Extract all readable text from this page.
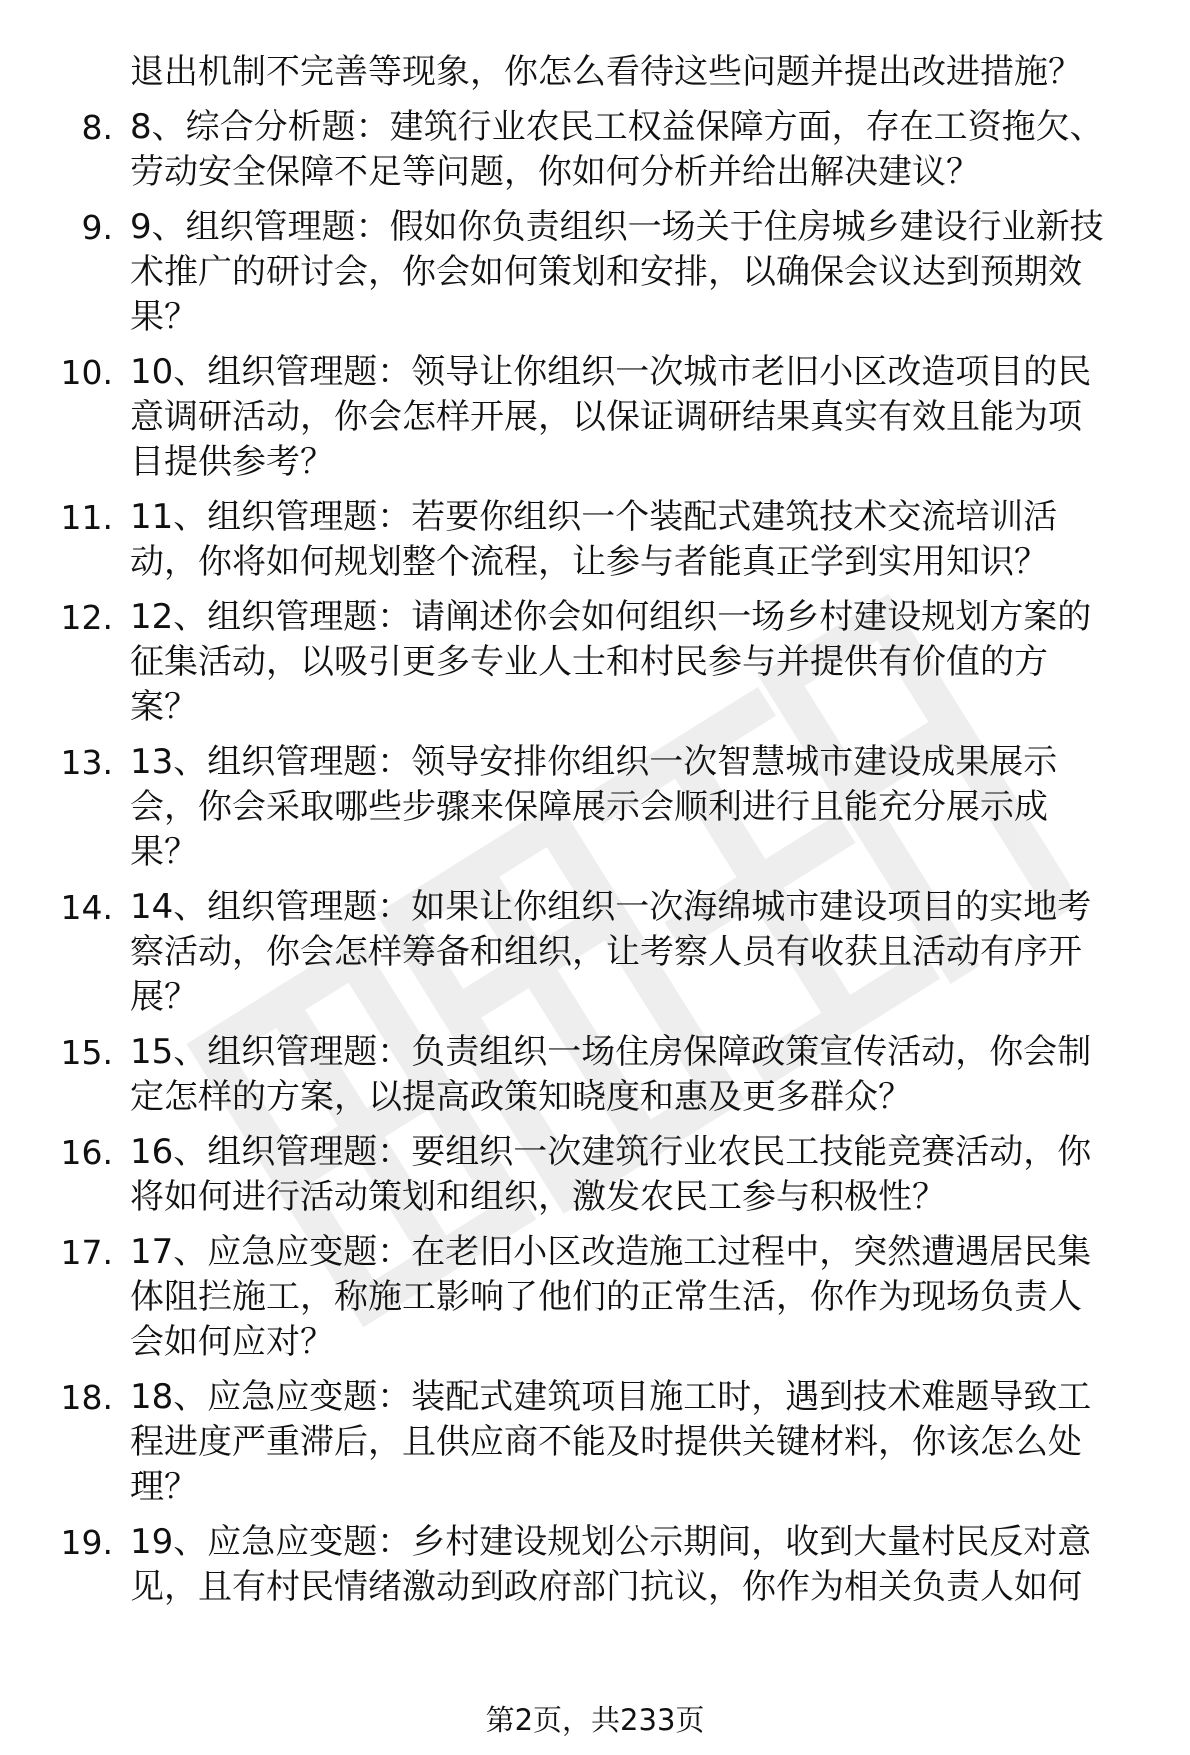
退出机制不完善等现象，你怎么看待这些问题并提出改进措施？
8. 8、综合分析题：建筑行业农民工权益保障方面，存在工资拖欠、
劳动安全保障不足等问题，你如何分析并给出解决建议？
9. 9、组织管理题：假如你负责组织一场关于住房城乡建设行业新技
术推广的研讨会，你会如何策划和安排，以确保会议达到预期效
果？
10. 10、组织管理题：领导让你组织一次城市老旧小区改造项目的民
意调研活动，你会怎样开展，以保证调研结果真实有效且能为项
目提供参考？
11. 11、组织管理题：若要你组织一个装配式建筑技术交流培训活
动，你将如何规划整个流程，让参与者能真正学到实用知识？
12. 12、组织管理题：请阐述你会如何组织一场乡村建设规划方案的
征集活动，以吸引更多专业人士和村民参与并提供有价值的方
案？
13. 13、组织管理题：领导安排你组织一次智慧城市建设成果展示
会，你会采取哪些步骤来保障展示会顺利进行且能充分展示成
果？
14. 14、组织管理题：如果让你组织一次海绵城市建设项目的实地考
察活动，你会怎样筹备和组织，让考察人员有收获且活动有序开
展？
15. 15、组织管理题：负责组织一场住房保障政策宣传活动，你会制
定怎样的方案，以提高政策知晓度和惠及更多群众？
16. 16、组织管理题：要组织一次建筑行业农民工技能竞赛活动，你
将如何进行活动策划和组织，激发农民工参与积极性？
17. 17、应急应变题：在老旧小区改造施工过程中，突然遭遇居民集
体阻拦施工，称施工影响了他们的正常生活，你作为现场负责人
会如何应对？
18. 18、应急应变题：装配式建筑项目施工时，遇到技术难题导致工
程进度严重滞后，且供应商不能及时提供关键材料，你该怎么处
理？
19. 19、应急应变题：乡村建设规划公示期间，收到大量村民反对意
见，且有村民情绪激动到政府部门抗议，你作为相关负责人如何
第2页，共233页
